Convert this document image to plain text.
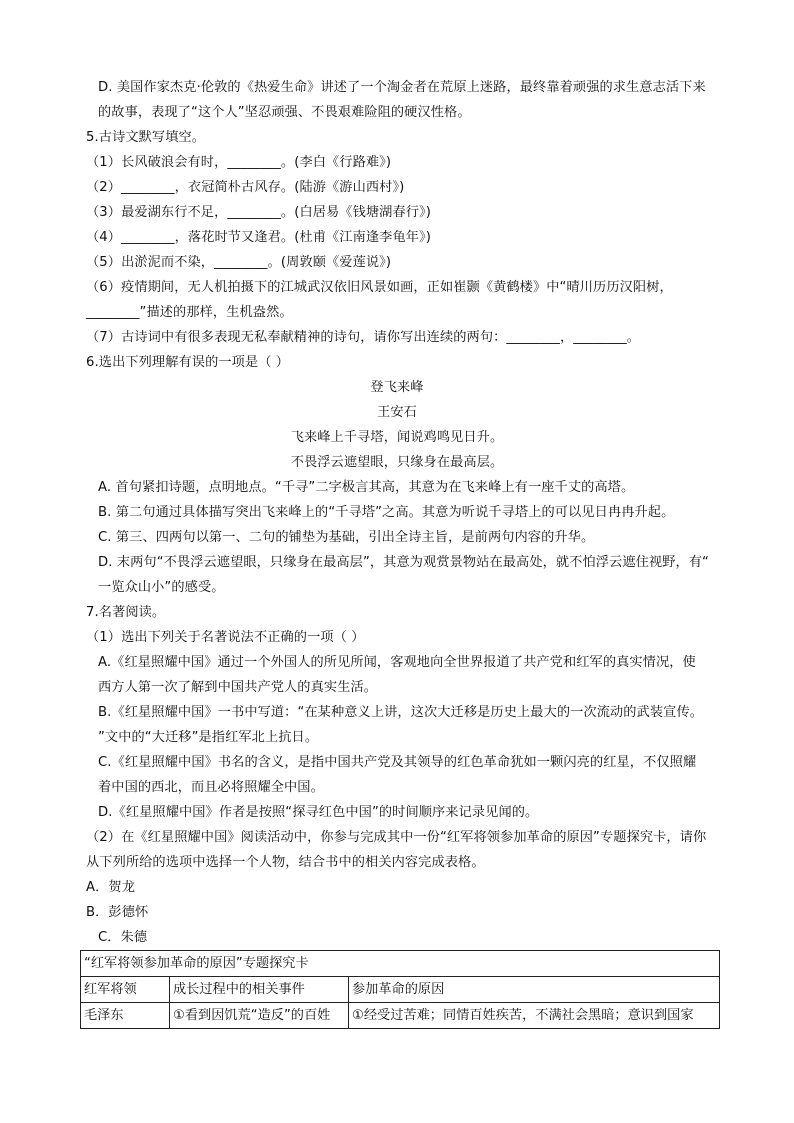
D. 美国作家杰克·伦敦的《热爱生命》讲述了一个淘金者在荒原上迷路，最终靠着顽强的求生意志活下来
的故事，表现了“这个人”坚忍顽强、不畏艰难险阻的硬汉性格。
5.古诗文默写填空。
（1）长风破浪会有时，________。(李白《行路难》)
（2）________，衣冠简朴古风存。(陆游《游山西村》)
（3）最爱湖东行不足，________。(白居易《钱塘湖春行》)
（4）________，落花时节又逢君。(杜甫《江南逢李龟年》)
（5）出淤泥而不染，________。(周敦颐《爱莲说》)
（6）疫情期间，无人机拍摄下的江城武汉依旧风景如画，正如崔颢《黄鹤楼》中“晴川历历汉阳树，
________”描述的那样，生机盎然。
（7）古诗词中有很多表现无私奉献精神的诗句，请你写出连续的两句：________，________。
6.选出下列理解有误的一项是（ ）
登飞来峰
王安石
飞来峰上千寻塔，闻说鸡鸣见日升。
不畏浮云遮望眼，只缘身在最高层。
A. 首句紧扣诗题，点明地点。“千寻”二字极言其高，其意为在飞来峰上有一座千丈的高塔。
B. 第二句通过具体描写突出飞来峰上的“千寻塔”之高。其意为听说千寻塔上的可以见日冉冉升起。
C. 第三、四两句以第一、二句的铺垫为基础，引出全诗主旨，是前两句内容的升华。
D. 末两句“不畏浮云遮望眼，只缘身在最高层”，其意为观赏景物站在最高处，就不怕浮云遮住视野，有“
一览众山小”的感受。
7.名著阅读。
（1）选出下列关于名著说法不正确的一项（ ）
A.《红星照耀中国》通过一个外国人的所见所闻，客观地向全世界报道了共产党和红军的真实情况，使
西方人第一次了解到中国共产党人的真实生活。
B.《红星照耀中国》一书中写道：“在某种意义上讲，这次大迁移是历史上最大的一次流动的武装宣传。
”文中的“大迁移”是指红军北上抗日。
C.《红星照耀中国》书名的含义，是指中国共产党及其领导的红色革命犹如一颗闪亮的红星，不仅照耀
着中国的西北，而且必将照耀全中国。
D.《红星照耀中国》作者是按照“探寻红色中国”的时间顺序来记录见闻的。
（2）在《红星照耀中国》阅读活动中，你参与完成其中一份“红军将领参加革命的原因”专题探究卡，请你
从下列所给的选项中选择一个人物，结合书中的相关内容完成表格。
A．贺龙
B．彭德怀
C．朱德
“红军将领参加革命的原因”专题探究卡		
红军将领	成长过程中的相关事件	参加革命的原因
毛泽东	①看到因饥荒“造反”的百姓	①经受过苦难；同情百姓疾苦，不满社会黑暗；意识到国家
